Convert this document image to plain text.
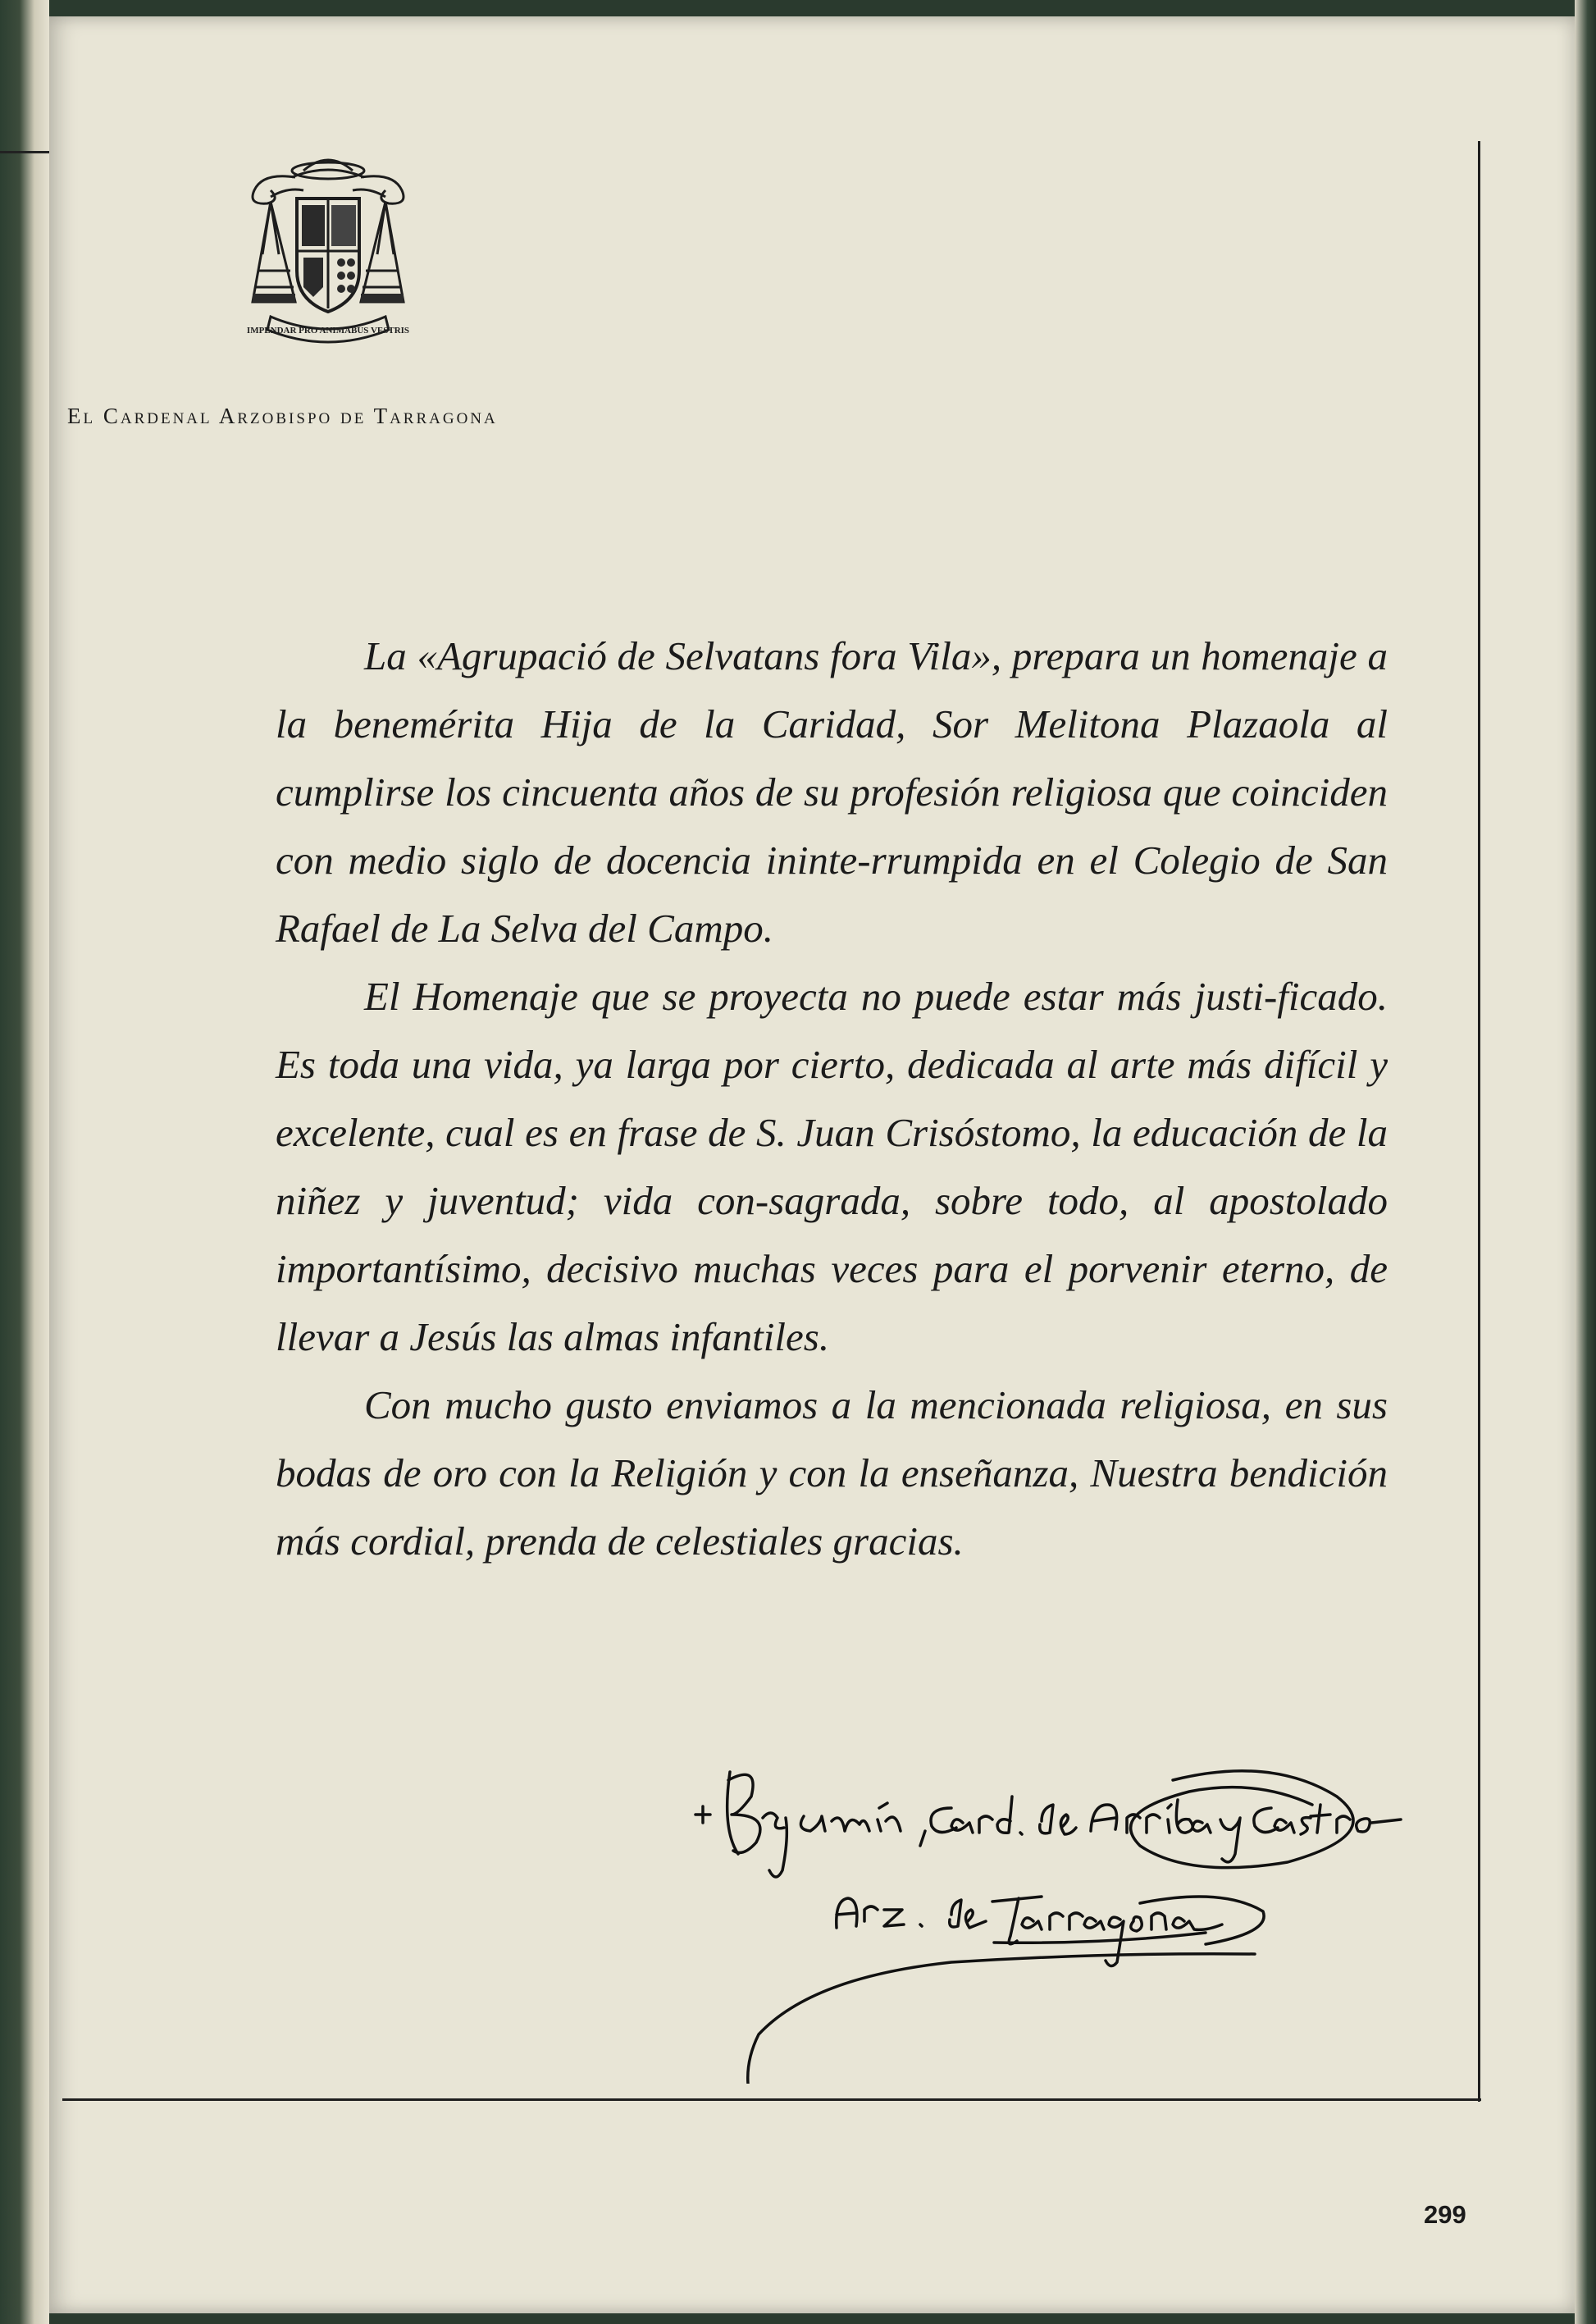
IMPENDAR PRO ANIMABUS VESTRIS
El Cardenal Arzobispo de Tarragona

La «Agrupació de Selvatans fora Vila», prepara un homenaje a la benemérita Hija de la Caridad, Sor Melitona Plazaola al cumplirse los cincuenta años de su profesión religiosa que coinciden con medio siglo de docencia ininte-rrumpida en el Colegio de San Rafael de La Selva del Campo.

El Homenaje que se proyecta no puede estar más justi-ficado. Es toda una vida, ya larga por cierto, dedicada al arte más difícil y excelente, cual es en frase de S. Juan Crisóstomo, la educación de la niñez y juventud; vida con-sagrada, sobre todo, al apostolado importantísimo, decisivo muchas veces para el porvenir eterno, de llevar a Jesús las almas infantiles.

Con mucho gusto enviamos a la mencionada religiosa, en sus bodas de oro con la Religión y con la enseñanza, Nuestra bendición más cordial, prenda de celestiales gracias.

299
